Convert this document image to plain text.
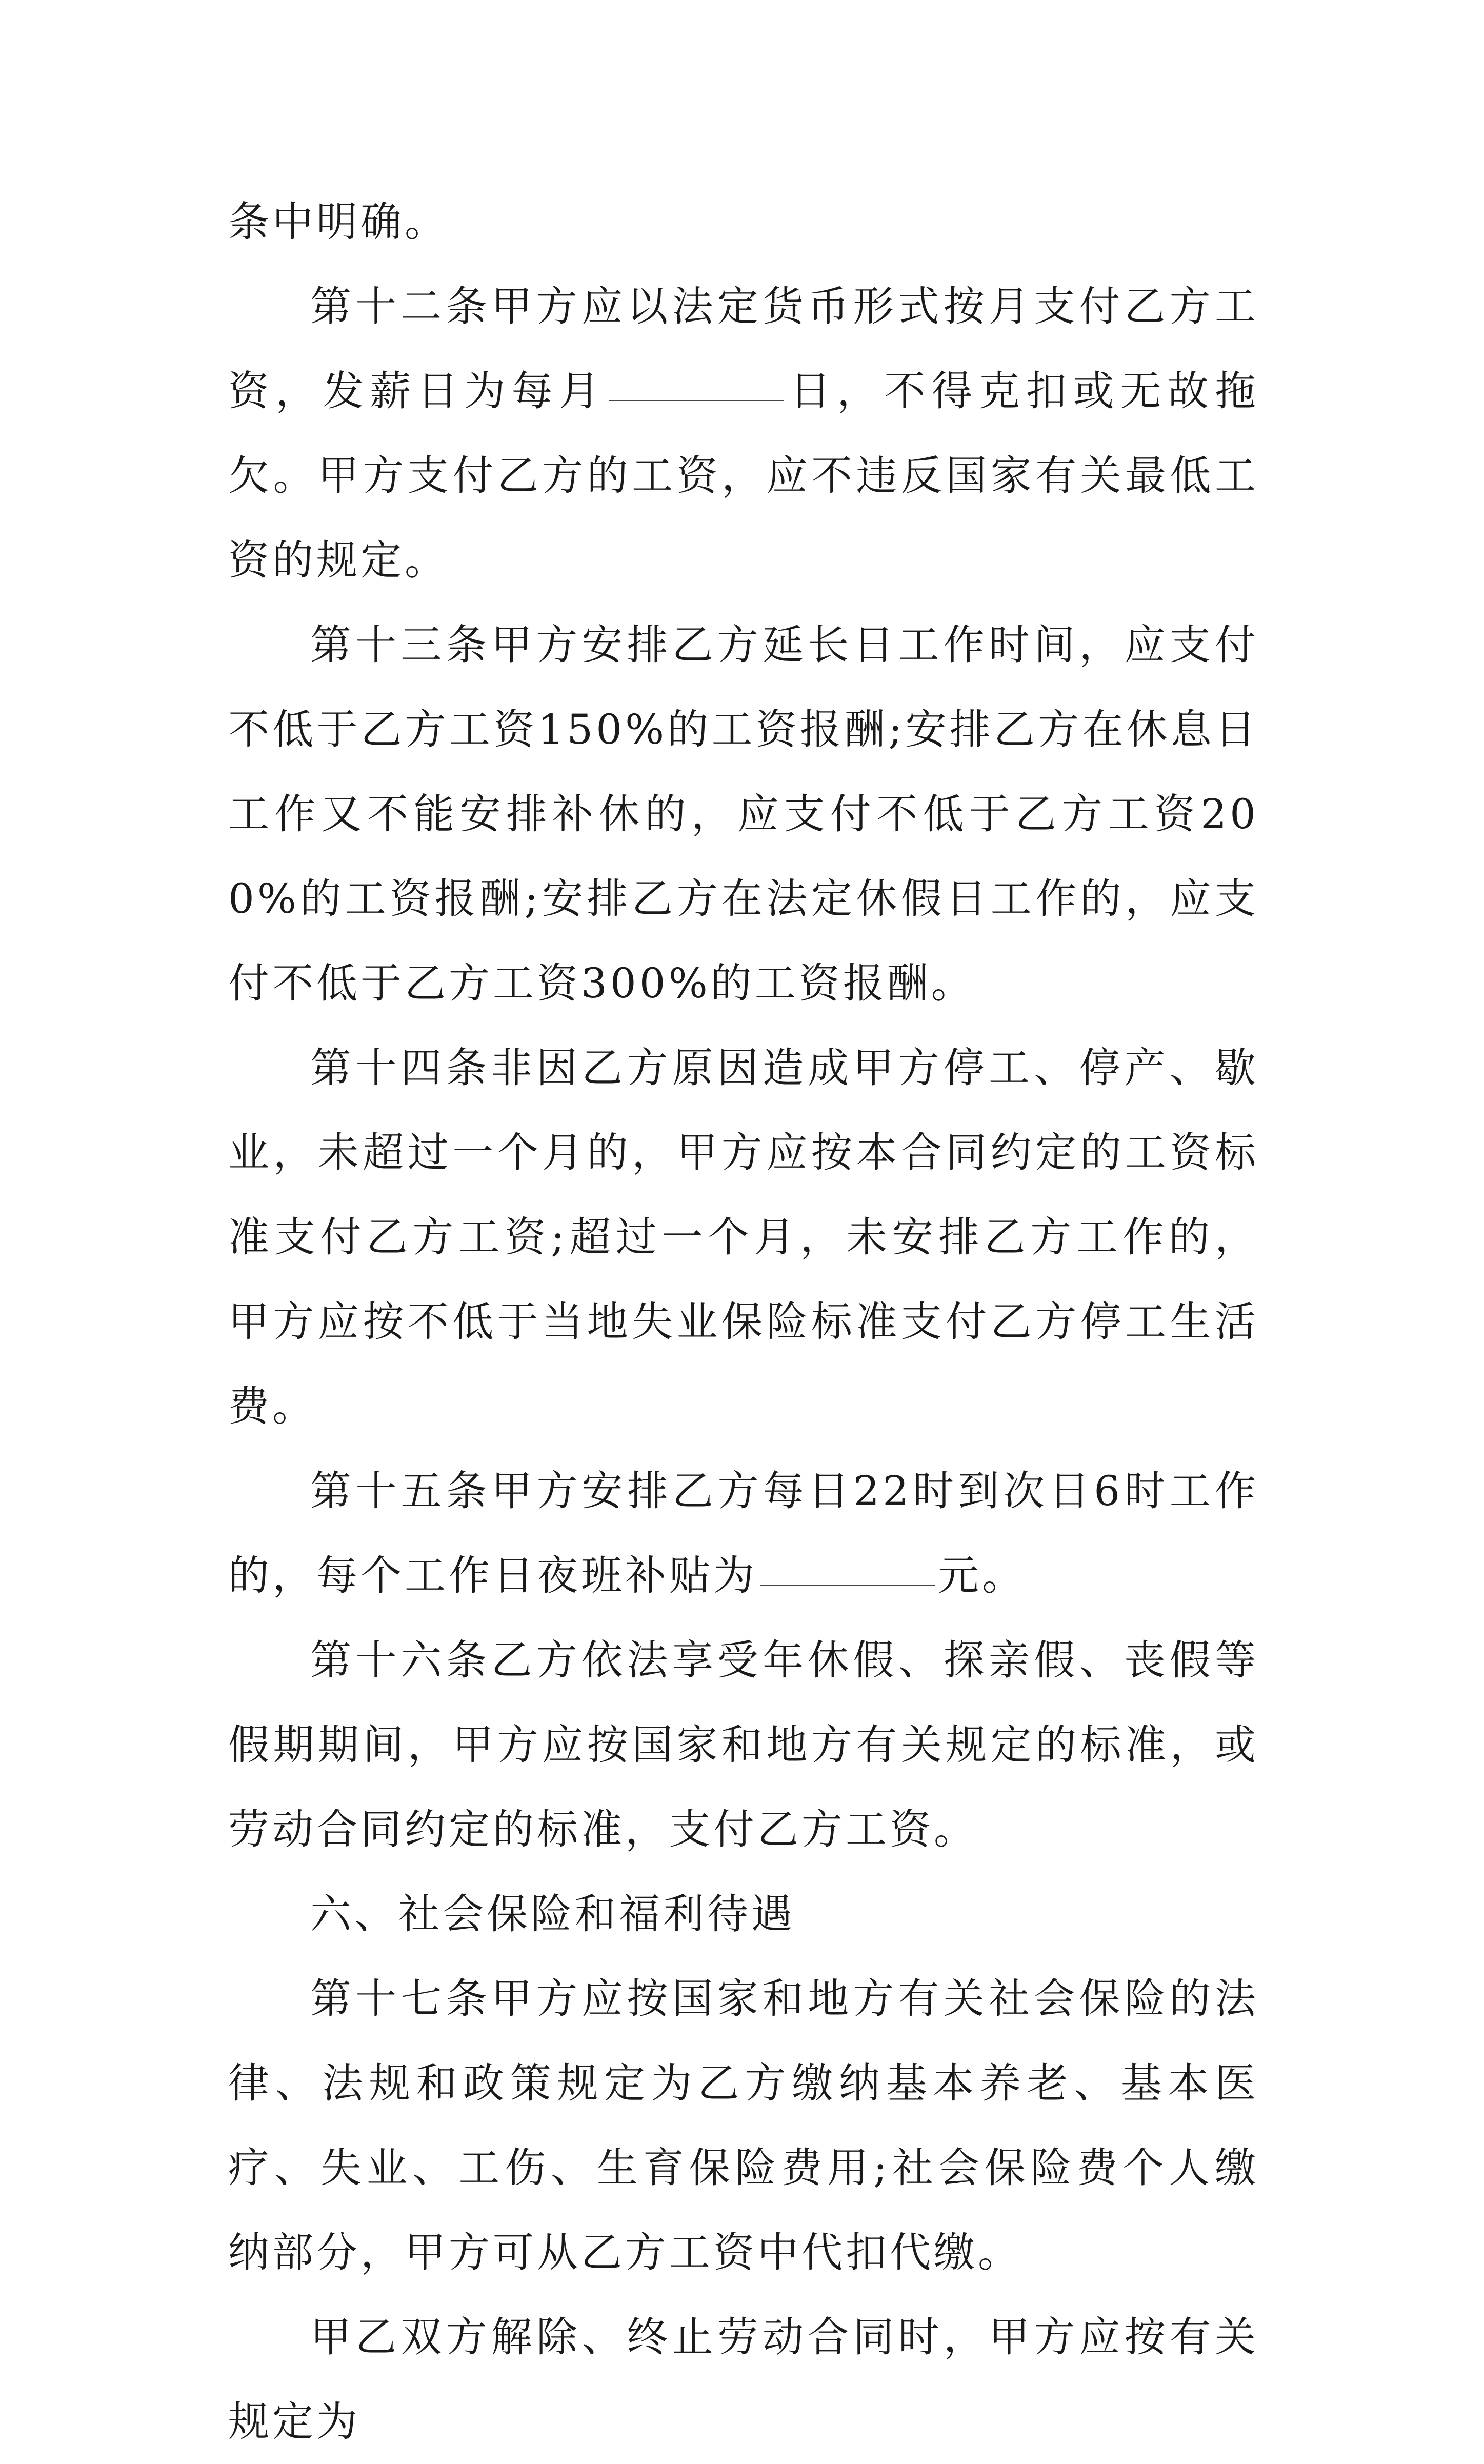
条中明确。

第十二条甲方应以法定货币形式按月支付乙方工资，发薪日为每月	日，不得克扣或无故拖欠。甲方支付乙方的工资，应不违反国家有关最低工资的规定。

第十三条甲方安排乙方延长日工作时间，应支付不低于乙方工资150%的工资报酬;安排乙方在休息日工作又不能安排补休的，应支付不低于乙方工资200%的工资报酬;安排乙方在法定休假日工作的，应支付不低于乙方工资300%的工资报酬。

第十四条非因乙方原因造成甲方停工、停产、歇业，未超过一个月的，甲方应按本合同约定的工资标准支付乙方工资;超过一个月，未安排乙方工作的，甲方应按不低于当地失业保险标准支付乙方停工生活费。

第十五条甲方安排乙方每日22时到次日6时工作的，每个工作日夜班补贴为	元。

第十六条乙方依法享受年休假、探亲假、丧假等假期期间，甲方应按国家和地方有关规定的标准，或劳动合同约定的标准，支付乙方工资。

六、社会保险和福利待遇

第十七条甲方应按国家和地方有关社会保险的法律、法规和政策规定为乙方缴纳基本养老、基本医疗、失业、工伤、生育保险费用;社会保险费个人缴纳部分，甲方可从乙方工资中代扣代缴。

甲乙双方解除、终止劳动合同时，甲方应按有关规定为
